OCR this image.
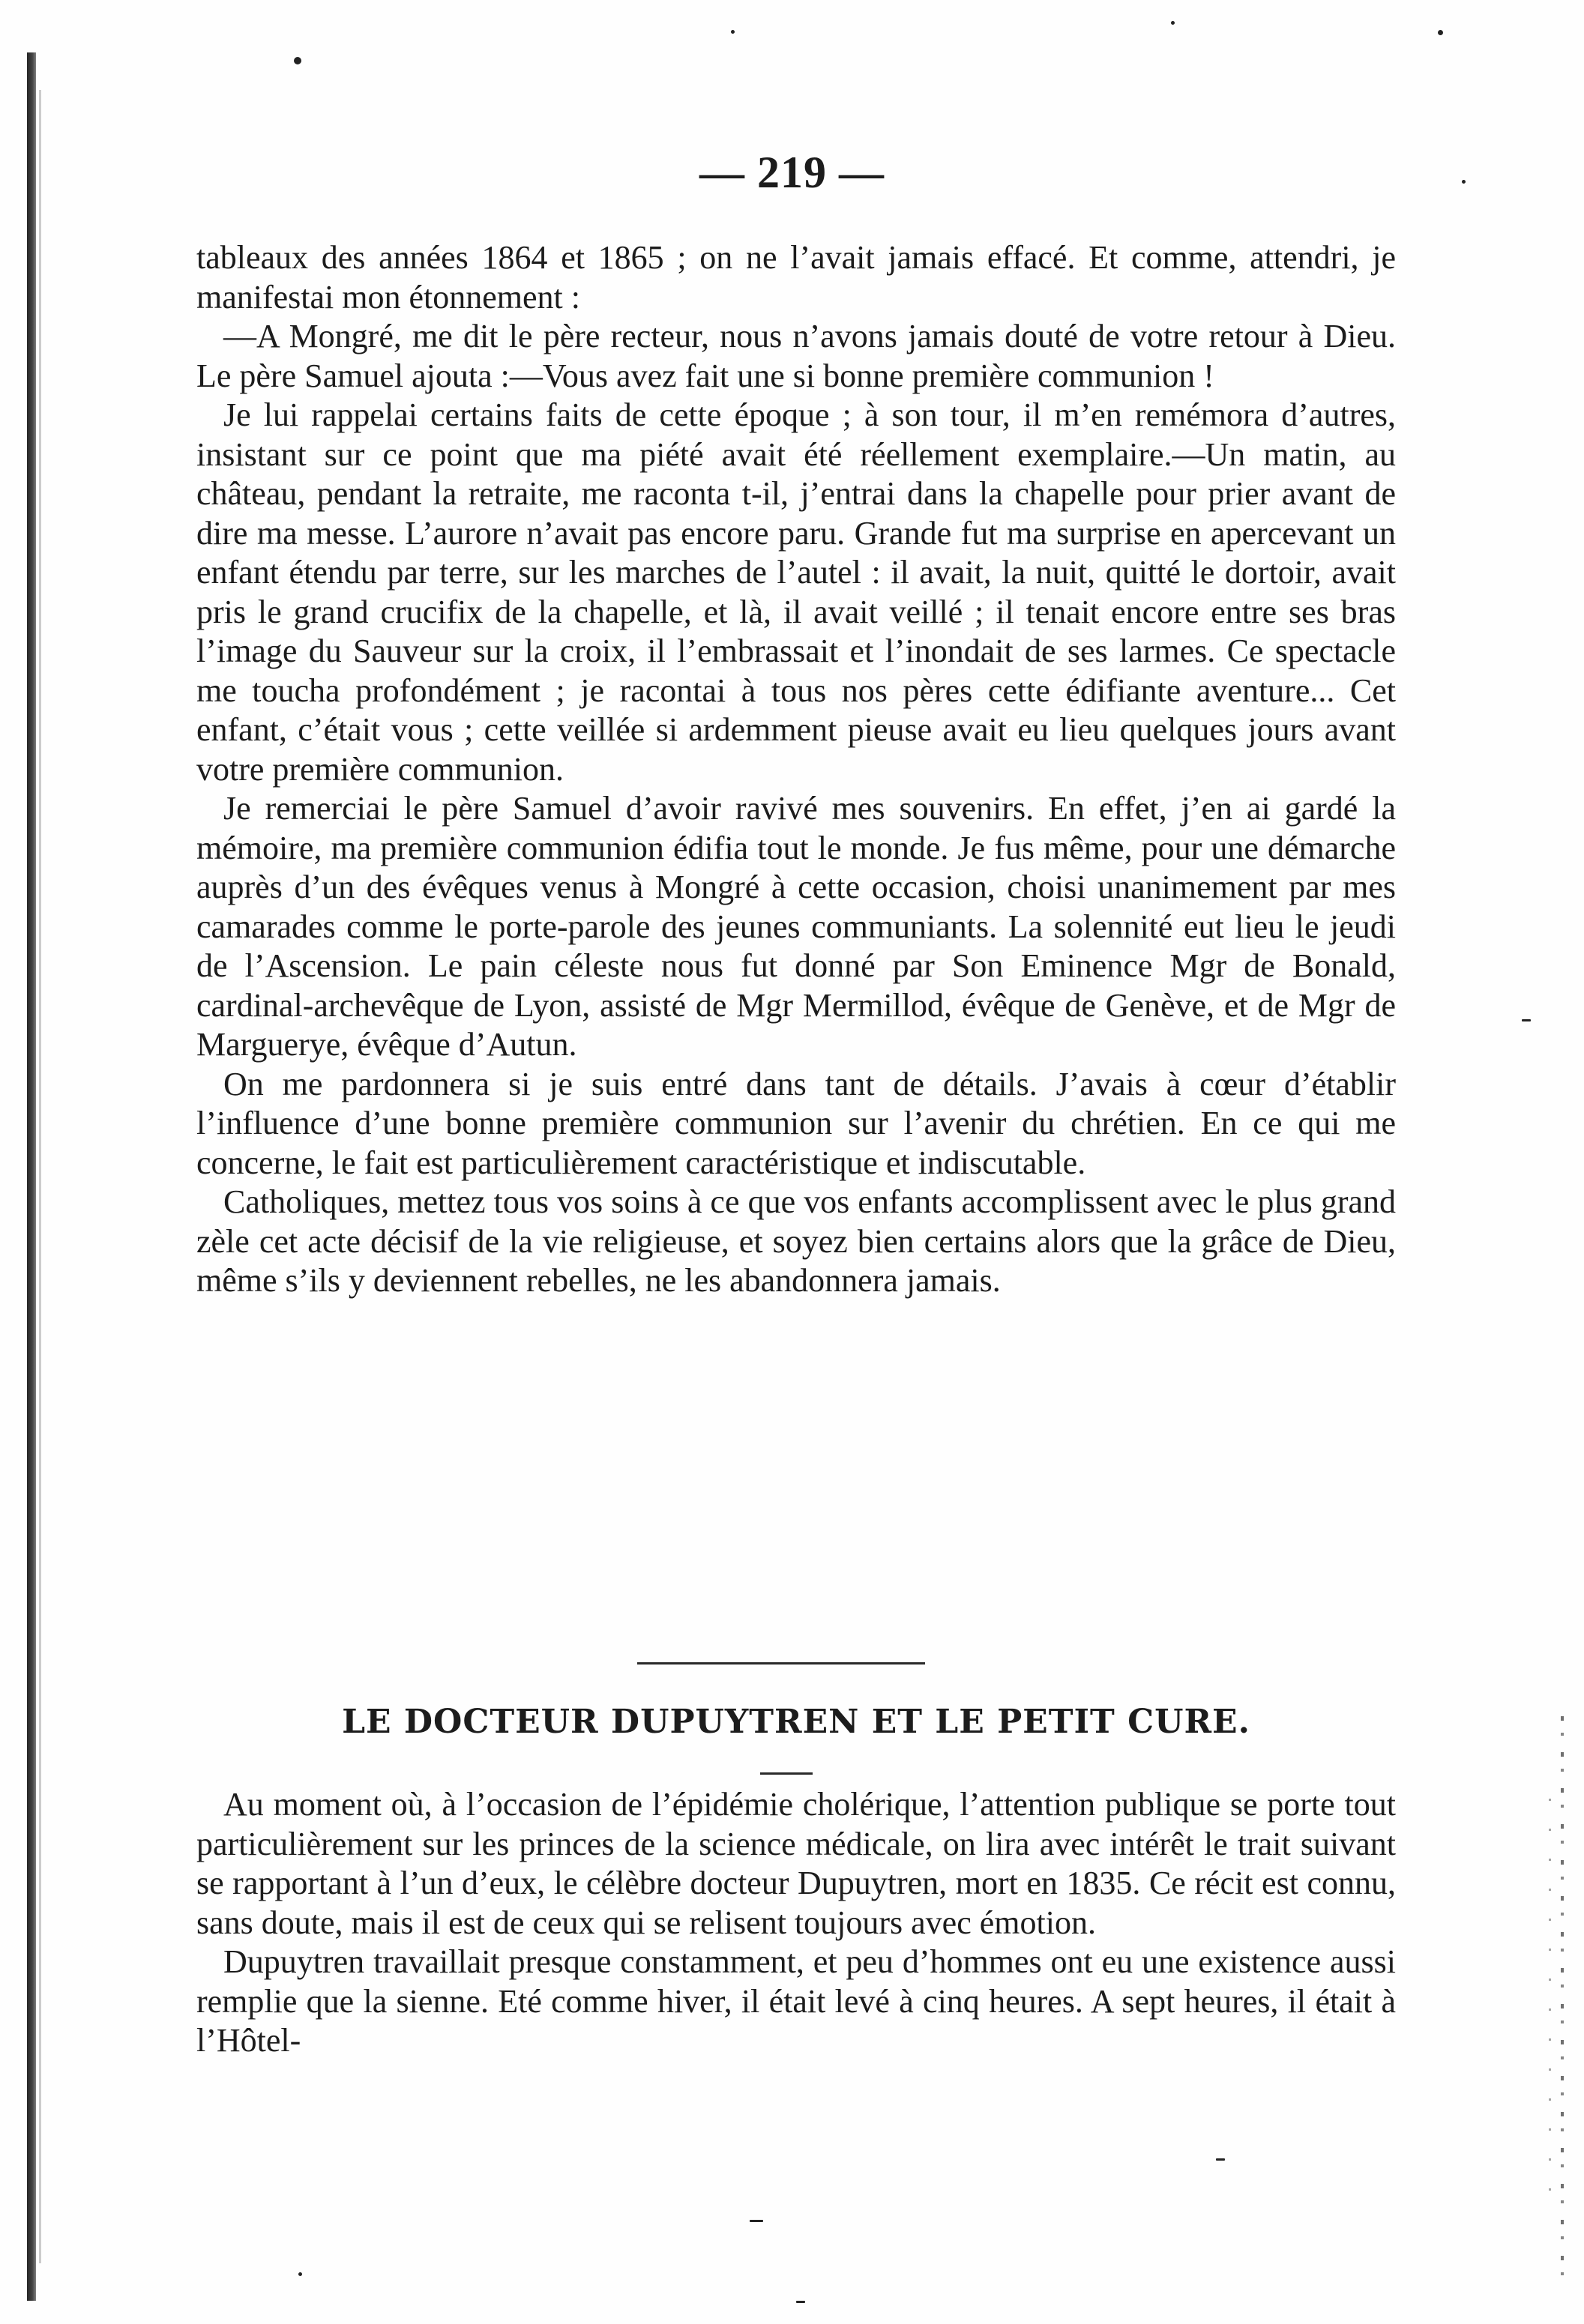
— 219 —

tableaux des années 1864 et 1865 ; on ne l’avait jamais effacé. Et comme, attendri, je manifestai mon étonnement :

—A Mongré, me dit le père recteur, nous n’avons jamais douté de votre retour à Dieu. Le père Samuel ajouta :—Vous avez fait une si bonne première communion !

Je lui rappelai certains faits de cette époque ; à son tour, il m’en remémora d’autres, insistant sur ce point que ma piété avait été réellement exemplaire.—Un matin, au château, pendant la retraite, me raconta t-il, j’entrai dans la chapelle pour prier avant de dire ma messe. L’aurore n’avait pas encore paru. Grande fut ma surprise en apercevant un enfant étendu par terre, sur les marches de l’autel : il avait, la nuit, quitté le dortoir, avait pris le grand crucifix de la chapelle, et là, il avait veillé ; il tenait encore entre ses bras l’image du Sauveur sur la croix, il l’embrassait et l’inondait de ses larmes. Ce spectacle me toucha profondément ; je racontai à tous nos pères cette édifiante aventure... Cet enfant, c’était vous ; cette veillée si ardemment pieuse avait eu lieu quelques jours avant votre première communion.

Je remerciai le père Samuel d’avoir ravivé mes souvenirs. En effet, j’en ai gardé la mémoire, ma première communion édifia tout le monde. Je fus même, pour une démarche auprès d’un des évêques venus à Mongré à cette occasion, choisi unanimement par mes camarades comme le porte-parole des jeunes communiants. La solennité eut lieu le jeudi de l’Ascension. Le pain céleste nous fut donné par Son Eminence Mgr de Bonald, cardinal-archevêque de Lyon, assisté de Mgr Mermillod, évêque de Genève, et de Mgr de Marguerye, évêque d’Autun.

On me pardonnera si je suis entré dans tant de détails. J’avais à cœur d’établir l’influence d’une bonne première communion sur l’avenir du chrétien. En ce qui me concerne, le fait est particulièrement caractéristique et indiscutable.

Catholiques, mettez tous vos soins à ce que vos enfants accomplissent avec le plus grand zèle cet acte décisif de la vie religieuse, et soyez bien certains alors que la grâce de Dieu, même s’ils y deviennent rebelles, ne les abandonnera jamais.

LE DOCTEUR DUPUYTREN ET LE PETIT CURE.

Au moment où, à l’occasion de l’épidémie cholérique, l’attention publique se porte tout particulièrement sur les princes de la science médicale, on lira avec intérêt le trait suivant se rapportant à l’un d’eux, le célèbre docteur Dupuytren, mort en 1835. Ce récit est connu, sans doute, mais il est de ceux qui se relisent toujours avec émotion.

Dupuytren travaillait presque constamment, et peu d’hommes ont eu une existence aussi remplie que la sienne. Eté comme hiver, il était levé à cinq heures. A sept heures, il était à l’Hôtel-
